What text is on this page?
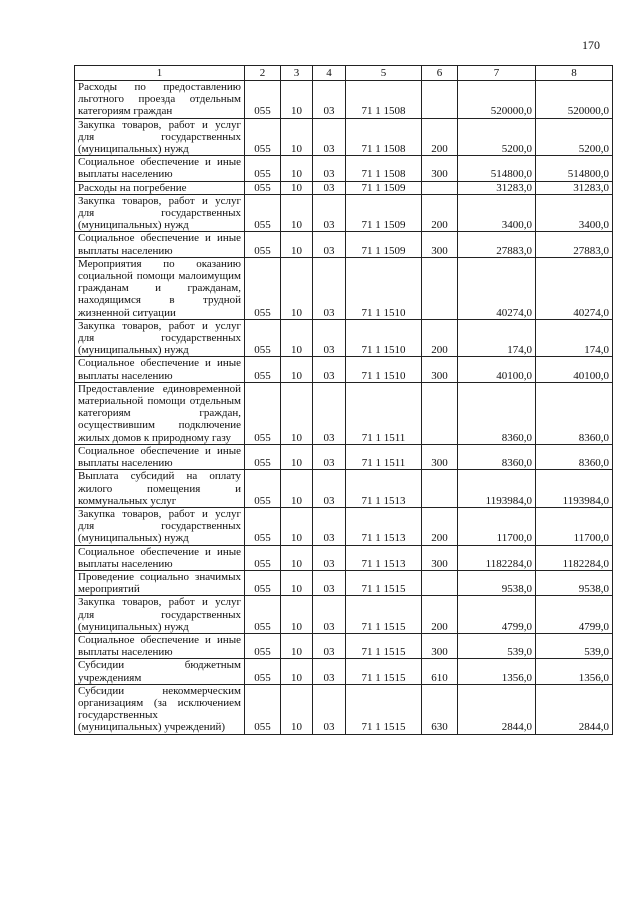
170
1	2	3	4	5	6	7	8
Расходы по предоставлению льготного проезда отдельным категориям граждан	055	10	03	71 1 1508		520000,0	520000,0
Закупка товаров, работ и услуг для государственных (муниципальных) нужд	055	10	03	71 1 1508	200	5200,0	5200,0
Социальное обеспечение и иные выплаты населению	055	10	03	71 1 1508	300	514800,0	514800,0
Расходы на погребение	055	10	03	71 1 1509		31283,0	31283,0
Закупка товаров, работ и услуг для государственных (муниципальных) нужд	055	10	03	71 1 1509	200	3400,0	3400,0
Социальное обеспечение и иные выплаты населению	055	10	03	71 1 1509	300	27883,0	27883,0
Мероприятия по оказанию социальной помощи малоимущим гражданам и гражданам, находящимся в трудной жизненной ситуации	055	10	03	71 1 1510		40274,0	40274,0
Закупка товаров, работ и услуг для государственных (муниципальных) нужд	055	10	03	71 1 1510	200	174,0	174,0
Социальное обеспечение и иные выплаты населению	055	10	03	71 1 1510	300	40100,0	40100,0
Предоставление единовременной материальной помощи отдельным категориям граждан, осуществившим подключение жилых домов к природному газу	055	10	03	71 1 1511		8360,0	8360,0
Социальное обеспечение и иные выплаты населению	055	10	03	71 1 1511	300	8360,0	8360,0
Выплата субсидий на оплату жилого помещения и коммунальных услуг	055	10	03	71 1 1513		1193984,0	1193984,0
Закупка товаров, работ и услуг для государственных (муниципальных) нужд	055	10	03	71 1 1513	200	11700,0	11700,0
Социальное обеспечение и иные выплаты населению	055	10	03	71 1 1513	300	1182284,0	1182284,0
Проведение социально значимых мероприятий	055	10	03	71 1 1515		9538,0	9538,0
Закупка товаров, работ и услуг для государственных (муниципальных) нужд	055	10	03	71 1 1515	200	4799,0	4799,0
Социальное обеспечение и иные выплаты населению	055	10	03	71 1 1515	300	539,0	539,0
Субсидии бюджетным учреждениям	055	10	03	71 1 1515	610	1356,0	1356,0
Субсидии некоммерческим организациям (за исключением государственных (муниципальных) учреждений)	055	10	03	71 1 1515	630	2844,0	2844,0
